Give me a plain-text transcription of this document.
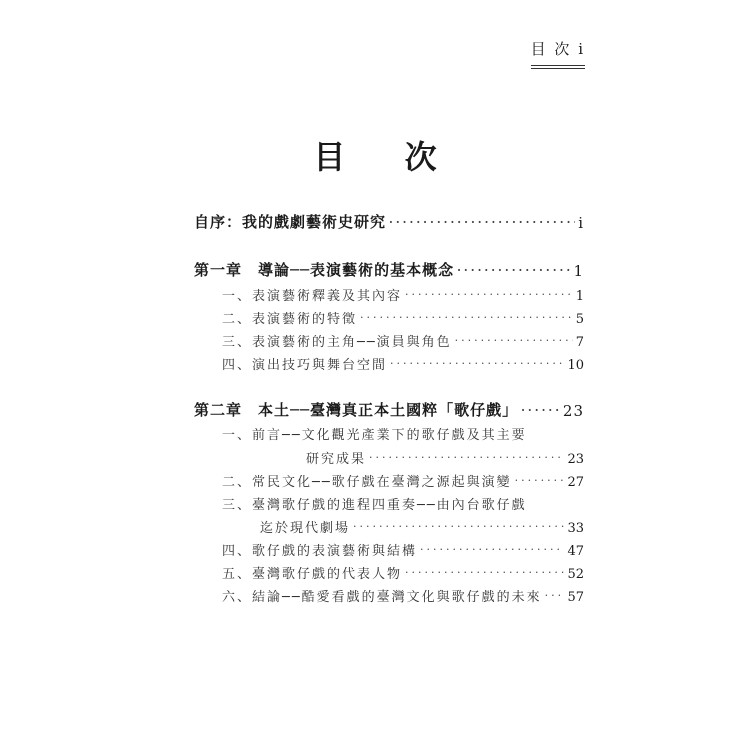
目 次 i
目 次
自序：我的戲劇藝術史研究 ·····	i
第一章　導論──表演藝術的基本概念 ·····	1
一、表演藝術釋義及其內容 ·····	1
二、表演藝術的特徵 ·····	5
三、表演藝術的主角──演員與角色 ·····	7
四、演出技巧與舞台空間 ·····	10
第二章　本土──臺灣真正本土國粹「歌仔戲」 ·····	23
一、前言──文化觀光產業下的歌仔戲及其主要
研究成果 ·····	23
二、常民文化──歌仔戲在臺灣之源起與演變 ·····	27
三、臺灣歌仔戲的進程四重奏──由內台歌仔戲
迄於現代劇場 ·····	33
四、歌仔戲的表演藝術與結構 ·····	47
五、臺灣歌仔戲的代表人物 ·····	52
六、結論──酷愛看戲的臺灣文化與歌仔戲的未來 ····· 57
